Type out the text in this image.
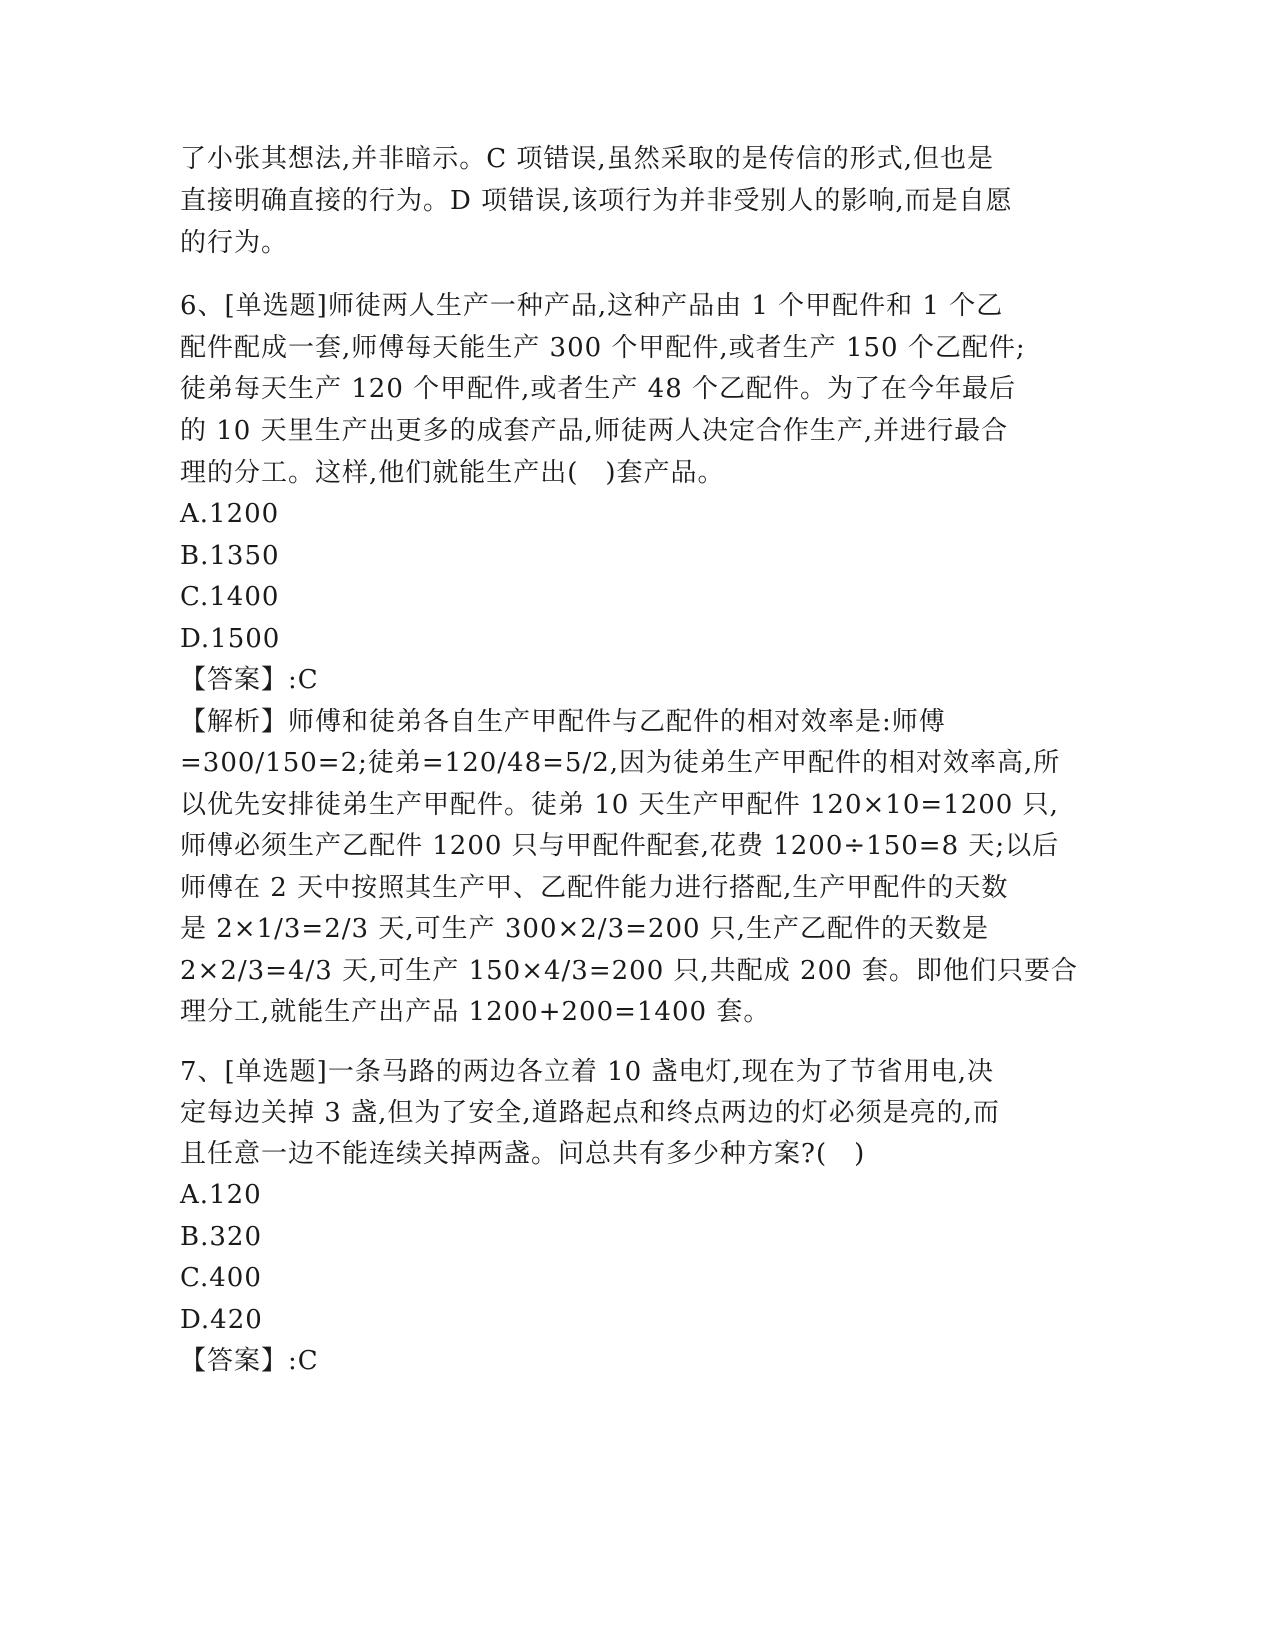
了小张其想法,并非暗示。C 项错误,虽然采取的是传信的形式,但也是
直接明确直接的行为。D 项错误,该项行为并非受别人的影响,而是自愿
的行为。
6、[单选题]师徒两人生产一种产品,这种产品由 1 个甲配件和 1 个乙
配件配成一套,师傅每天能生产 300 个甲配件,或者生产 150 个乙配件;
徒弟每天生产 120 个甲配件,或者生产 48 个乙配件。为了在今年最后
的 10 天里生产出更多的成套产品,师徒两人决定合作生产,并进行最合
理的分工。这样,他们就能生产出(　)套产品。
A.1200
B.1350
C.1400
D.1500
【答案】:C
【解析】师傅和徒弟各自生产甲配件与乙配件的相对效率是:师傅
=300/150=2;徒弟=120/48=5/2,因为徒弟生产甲配件的相对效率高,所
以优先安排徒弟生产甲配件。徒弟 10 天生产甲配件 120×10=1200 只,
师傅必须生产乙配件 1200 只与甲配件配套,花费 1200÷150=8 天;以后
师傅在 2 天中按照其生产甲、乙配件能力进行搭配,生产甲配件的天数
是 2×1/3=2/3 天,可生产 300×2/3=200 只,生产乙配件的天数是
2×2/3=4/3 天,可生产 150×4/3=200 只,共配成 200 套。即他们只要合
理分工,就能生产出产品 1200+200=1400 套。
7、[单选题]一条马路的两边各立着 10 盏电灯,现在为了节省用电,决
定每边关掉 3 盏,但为了安全,道路起点和终点两边的灯必须是亮的,而
且任意一边不能连续关掉两盏。问总共有多少种方案?(　)
A.120
B.320
C.400
D.420
【答案】:C
